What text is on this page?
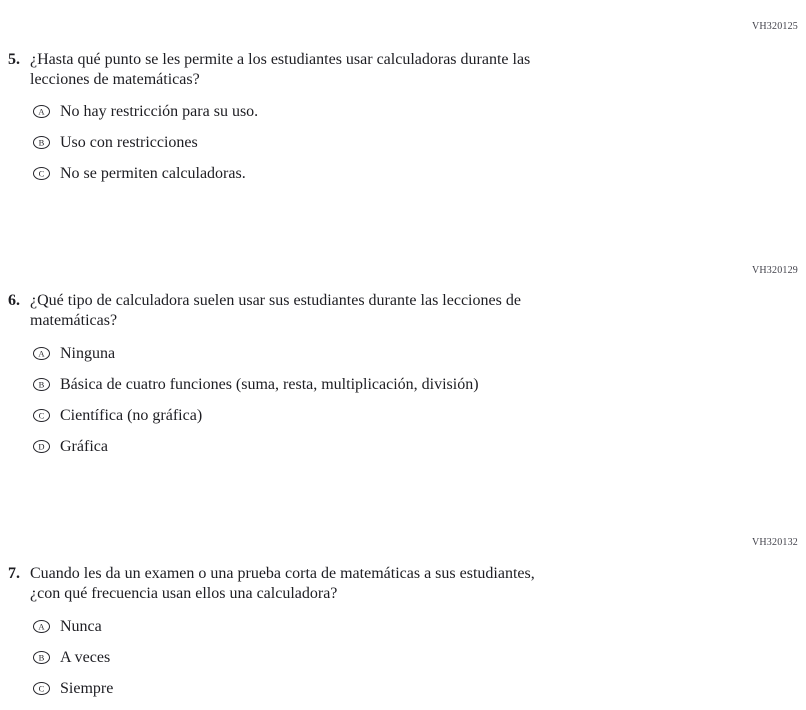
VH320125
5. ¿Hasta qué punto se les permite a los estudiantes usar calculadoras durante las
lecciones de matemáticas?
A No hay restricción para su uso.
B Uso con restricciones
C No se permiten calculadoras.
VH320129
6. ¿Qué tipo de calculadora suelen usar sus estudiantes durante las lecciones de
matemáticas?
A Ninguna
B Básica de cuatro funciones (suma, resta, multiplicación, división)
C Científica (no gráfica)
D Gráfica
VH320132
7. Cuando les da un examen o una prueba corta de matemáticas a sus estudiantes,
¿con qué frecuencia usan ellos una calculadora?
A Nunca
B A veces
C Siempre
